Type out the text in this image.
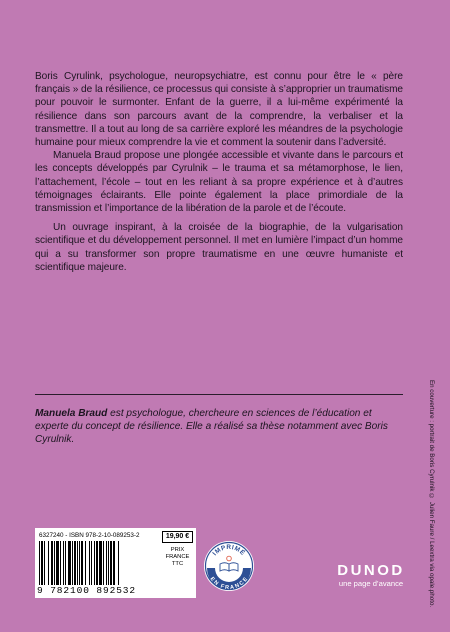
Boris Cyrulink, psychologue, neuropsychiatre, est connu pour être le « père français » de la résilience, ce processus qui consiste à s’approprier un traumatisme pour pouvoir le surmonter. Enfant de la guerre, il a lui-même expérimenté la résilience dans son parcours avant de la comprendre, la verbaliser et la transmettre. Il a tout au long de sa carrière exploré les méandres de la psychologie humaine pour mieux comprendre la vie et comment la soutenir dans l’adversité.

Manuela Braud propose une plongée accessible et vivante dans le parcours et les concepts développés par Cyrulnik – le trauma et sa métamorphose, le lien, l’attachement, l’école – tout en les reliant à sa propre expérience et à d’autres témoignages éclairants. Elle pointe également la place primordiale de la transmission et l’importance de la libération de la parole et de l’écoute.

Un ouvrage inspirant, à la croisée de la biographie, de la vulgarisation scientifique et du développement personnel. Il met en lumière l’impact d’un homme qui a su transformer son propre traumatisme en une œuvre humaniste et scientifique majeure.

Manuela Braud est psychologue, chercheure en sciences de l’éducation et experte du concept de résilience. Elle a réalisé sa thèse notamment avec Boris Cyrulnik.	En couverture : portrait de Boris Cyrulnik © Julien Faure / Leextra via opale.photo.
6327240 - ISBN 978-2-10-089253-2
9 782100 892532
19,90 €
PRIX
FRANCE
TTC
IMPRIMÉ
EN FRANCE
DUNOD
une page d’avance
